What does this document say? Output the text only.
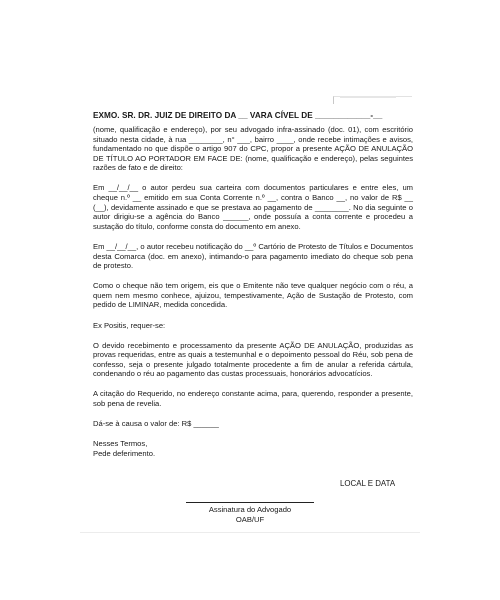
EXMO. SR. DR. JUIZ DE DIREITO DA __ VARA CÍVEL DE ____________-__

(nome, qualificação e endereço), por seu advogado infra-assinado (doc. 01), com escritório situado nesta cidade, à rua ________, n° ___, bairro ____, onde recebe intimações e avisos, fundamentado no que dispõe o artigo 907 do CPC, propor a presente AÇÃO DE ANULAÇÃO DE TÍTULO AO PORTADOR EM FACE DE: (nome, qualificação e endereço), pelas seguintes razões de fato e de direito:

Em __/__/__ o autor perdeu sua carteira com documentos particulares e entre eles, um cheque n.º __ emitido em sua Conta Corrente n.º __, contra o Banco __, no valor de R$ __ (__), devidamente assinado e que se prestava ao pagamento de ________. No dia seguinte o autor dirigiu-se a agência do Banco ______, onde possuía a conta corrente e procedeu a sustação do título, conforme consta do documento em anexo.

Em __/__/__, o autor recebeu notificação do __º Cartório de Protesto de Títulos e Documentos desta Comarca (doc. em anexo), intimando-o para pagamento imediato do cheque sob pena de protesto.

Como o cheque não tem origem, eis que o Emitente não teve qualquer negócio com o réu, a quem nem mesmo conhece, ajuizou, tempestivamente, Ação de Sustação de Protesto, com pedido de LIMINAR, medida concedida.

Ex Positis, requer-se:

O devido recebimento e processamento da presente AÇÃO DE ANULAÇÃO, produzidas as provas requeridas, entre as quais a testemunhal e o depoimento pessoal do Réu, sob pena de confesso, seja o presente julgado totalmente procedente a fim de anular a referida cártula, condenando o réu ao pagamento das custas processuais, honorários advocatícios.

A citação do Requerido, no endereço constante acima, para, querendo, responder a presente, sob pena de revelia.

Dá-se à causa o valor de: R$ ______

Nesses Termos,

Pede deferimento.

LOCAL E DATA
Assinatura do Advogado
OAB/UF
